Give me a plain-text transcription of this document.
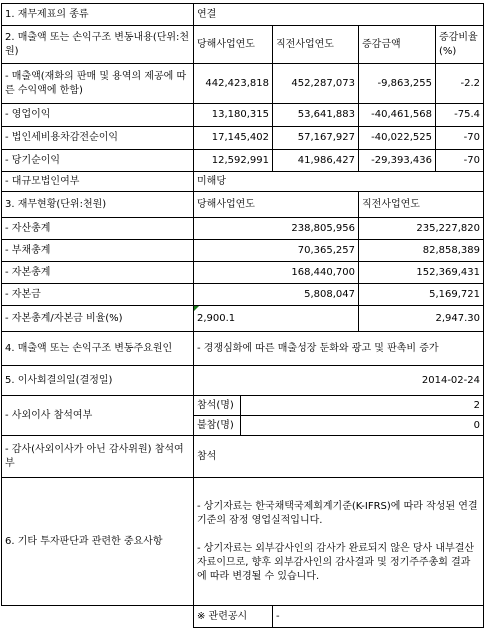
1. 재무제표의 종류	연결				
2. 매출액 또는 손익구조 변동내용(단위:천원)	당해사업연도		직전사업연도	증감금액	증감비율(%)
- 매출액(재화의 판매 및 용역의 제공에 따른 수익액에 한함)	442,423,818		452,287,073	-9,863,255	-2.2
- 영업이익	13,180,315		53,641,883	-40,461,568	-75.4
- 법인세비용차감전순이익	17,145,402		57,167,927	-40,022,525	-70
- 당기순이익	12,592,991		41,986,427	-29,393,436	-70
- 대규모법인여부	미해당				
3. 재무현황(단위:천원)	당해사업연도			직전사업연도	
- 자산총계	238,805,956			235,227,820	
- 부채총계	70,365,257			82,858,389	
- 자본총계	168,440,700			152,369,431	
- 자본금	5,808,047			5,169,721	
- 자본총계/자본금 비율(%)	2,900.1			2,947.30	
4. 매출액 또는 손익구조 변동주요원인	- 경쟁심화에 따른 매출성장 둔화와 광고 및 판촉비 증가				
5. 이사회결의일(결정일)	2014-02-24				
- 사외이사 참석여부	참석(명)	2			
	불참(명)	0			
- 감사(사외이사가 아닌 감사위원) 참석여부	참석				
6. 기타 투자판단과 관련한 중요사항	- 상기자료는 한국채택국제회계기준(K-IFRS)에 따라 작성된 연결기준의 잠정 영업실적입니다.
- 상기자료는 외부감사인의 감사가 완료되지 않은 당사 내부결산자료이므로, 향후 외부감사인의 감사결과 및 정기주주총회 결과에 따라 변경될 수 있습니다.				

	※ 관련공시		-		
